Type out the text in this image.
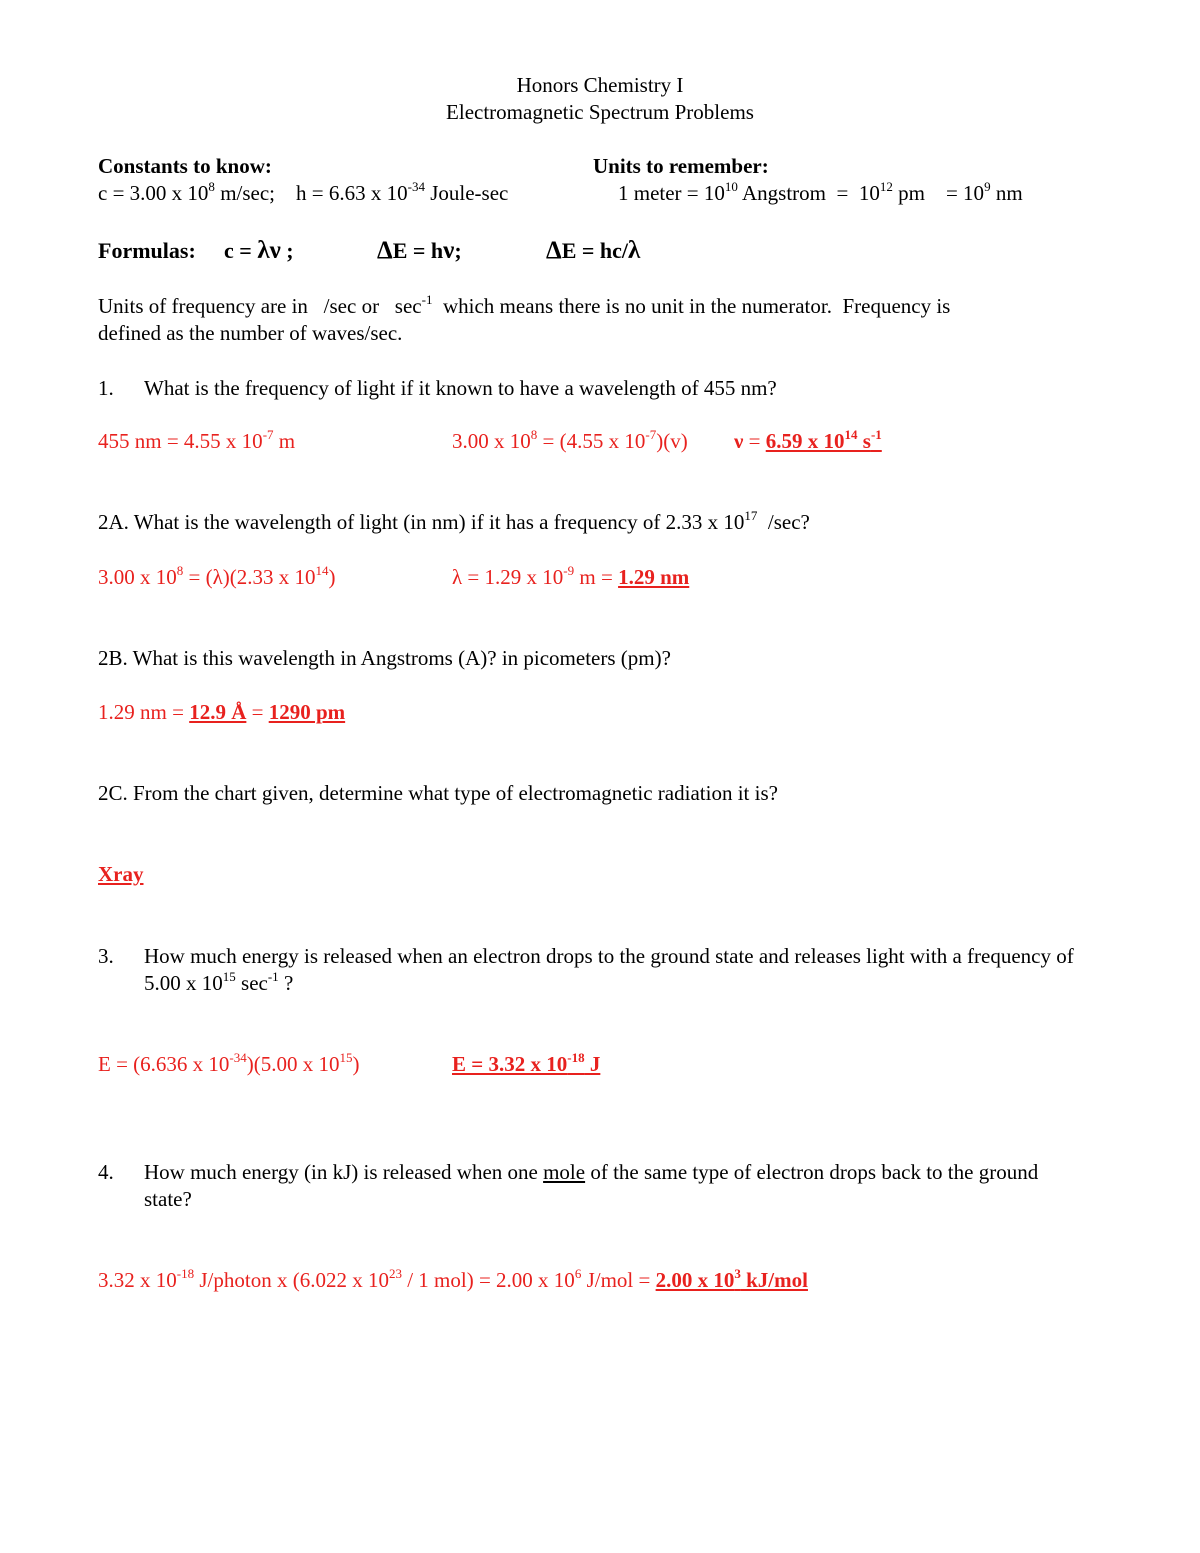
Honors Chemistry I
Electromagnetic Spectrum Problems
Constants to know:
c = 3.00 x $10^8$ m/sec;    h = 6.63 x $10^{-34}$ Joule-sec
Units to remember:
1 meter = $10^{10}$ Angstrom  =  $10^{12}$ pm    = $10^9$ nm
Formulas: c = λν ;	ΔE = hν;	ΔE = hc/λ
Units of frequency are in   /sec or   $\sec^{-1}$  which means there is no unit in the numerator.  Frequency is
defined as the number of waves/sec.
1. What is the frequency of light if it known to have a wavelength of 455 nm?
455 nm = 4.55 x $10^{-7}$ m	3.00 x $10^8 = (4.55$ x $10^{-7})(v)$ ν = 6.59 x $10^{14}$ $s^{-1}$
2A. What is the wavelength of light (in nm) if it has a frequency of 2.33 x $10^{17}$  /sec?
3.00 x $10^8 = (\lambda)(2.33$ x $10^{14}$)	λ = 1.29 x $10^{-9}$ m = 1.29 nm
2B. What is this wavelength in Angstroms (A)? in picometers (pm)?
1.29 nm = 12.9 Å = 1290 pm
2C. From the chart given, determine what type of electromagnetic radiation it is?
Xray
3. How much energy is released when an electron drops to the ground state and releases light with a frequency of 5.00 x $10^{15}$ $\sec^{-1}$ ?
E = (6.636 x $10^{-34})(5.00$ x $10^{15}$)	E = 3.32 x $10^{-18}$ J
4. How much energy (in kJ) is released when one mole of the same type of electron drops back to the ground state?
3.32 x $10^{-18}$ J/photon x (6.022 x $10^{23} / 1$ mol) = 2.00 x $10^6$ J/mol = 2.00 x $10^3$ kJ/mol
